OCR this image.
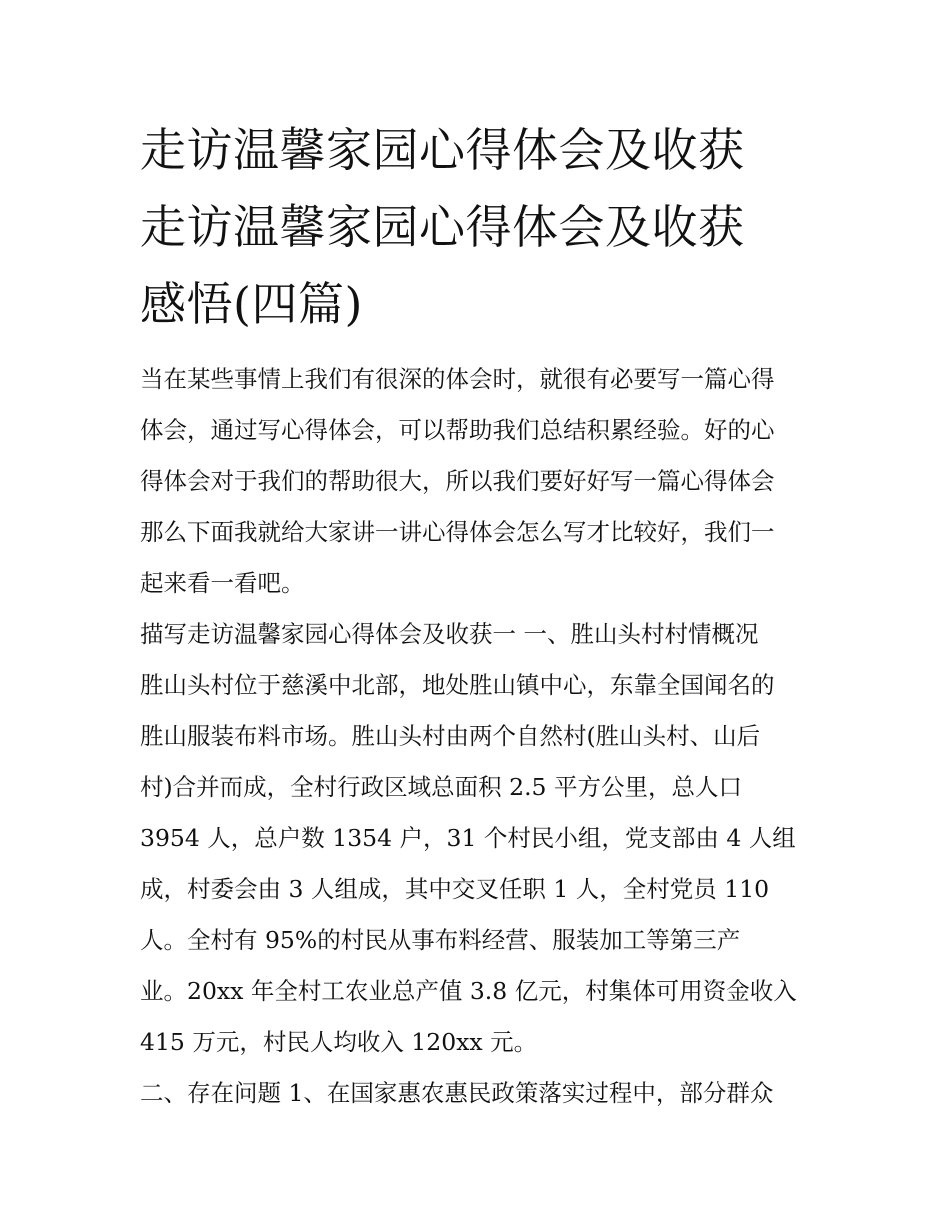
走访温馨家园心得体会及收获
走访温馨家园心得体会及收获
感悟(四篇)

当在某些事情上我们有很深的体会时，就很有必要写一篇心得
体会，通过写心得体会，可以帮助我们总结积累经验。好的心
得体会对于我们的帮助很大，所以我们要好好写一篇心得体会
那么下面我就给大家讲一讲心得体会怎么写才比较好，我们一
起来看一看吧。

描写走访温馨家园心得体会及收获一 一、胜山头村村情概况
胜山头村位于慈溪中北部，地处胜山镇中心，东靠全国闻名的
胜山服装布料市场。胜山头村由两个自然村(胜山头村、山后
村)合并而成，全村行政区域总面积 2.5 平方公里，总人口
3954 人，总户数 1354 户，31 个村民小组，党支部由 4 人组
成，村委会由 3 人组成，其中交叉任职 1 人，全村党员 110
人。全村有 95%的村民从事布料经营、服装加工等第三产
业。20xx 年全村工农业总产值 3.8 亿元，村集体可用资金收入
415 万元，村民人均收入 120xx 元。

二、存在问题 1、在国家惠农惠民政策落实过程中，部分群众
